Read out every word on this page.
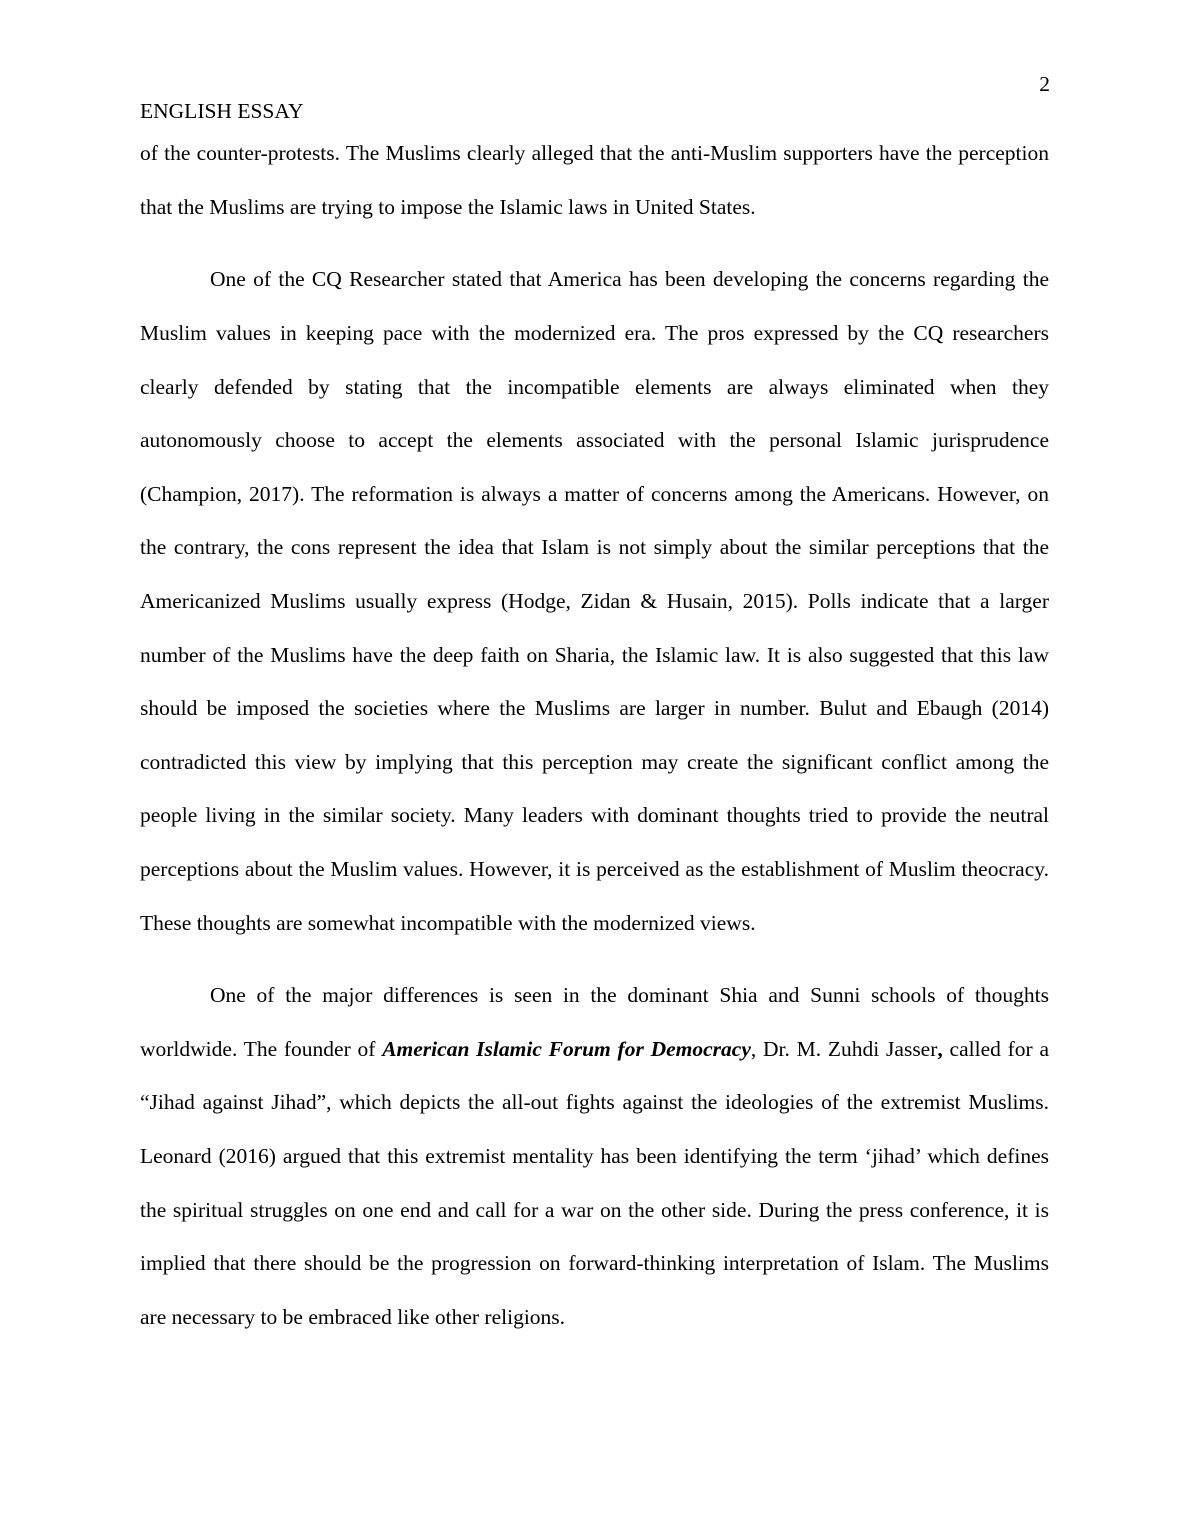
2
ENGLISH ESSAY

of the counter-protests. The Muslims clearly alleged that the anti-Muslim supporters have the perception that the Muslims are trying to impose the Islamic laws in United States.

One of the CQ Researcher stated that America has been developing the concerns regarding the Muslim values in keeping pace with the modernized era. The pros expressed by the CQ researchers clearly defended by stating that the incompatible elements are always eliminated when they autonomously choose to accept the elements associated with the personal Islamic jurisprudence (Champion, 2017). The reformation is always a matter of concerns among the Americans. However, on the contrary, the cons represent the idea that Islam is not simply about the similar perceptions that the Americanized Muslims usually express (Hodge, Zidan & Husain, 2015). Polls indicate that a larger number of the Muslims have the deep faith on Sharia, the Islamic law. It is also suggested that this law should be imposed the societies where the Muslims are larger in number. Bulut and Ebaugh (2014) contradicted this view by implying that this perception may create the significant conflict among the people living in the similar society. Many leaders with dominant thoughts tried to provide the neutral perceptions about the Muslim values. However, it is perceived as the establishment of Muslim theocracy. These thoughts are somewhat incompatible with the modernized views.

One of the major differences is seen in the dominant Shia and Sunni schools of thoughts worldwide. The founder of American Islamic Forum for Democracy, Dr. M. Zuhdi Jasser, called for a “Jihad against Jihad”, which depicts the all-out fights against the ideologies of the extremist Muslims. Leonard (2016) argued that this extremist mentality has been identifying the term ‘jihad’ which defines the spiritual struggles on one end and call for a war on the other side. During the press conference, it is implied that there should be the progression on forward-thinking interpretation of Islam. The Muslims are necessary to be embraced like other religions.
